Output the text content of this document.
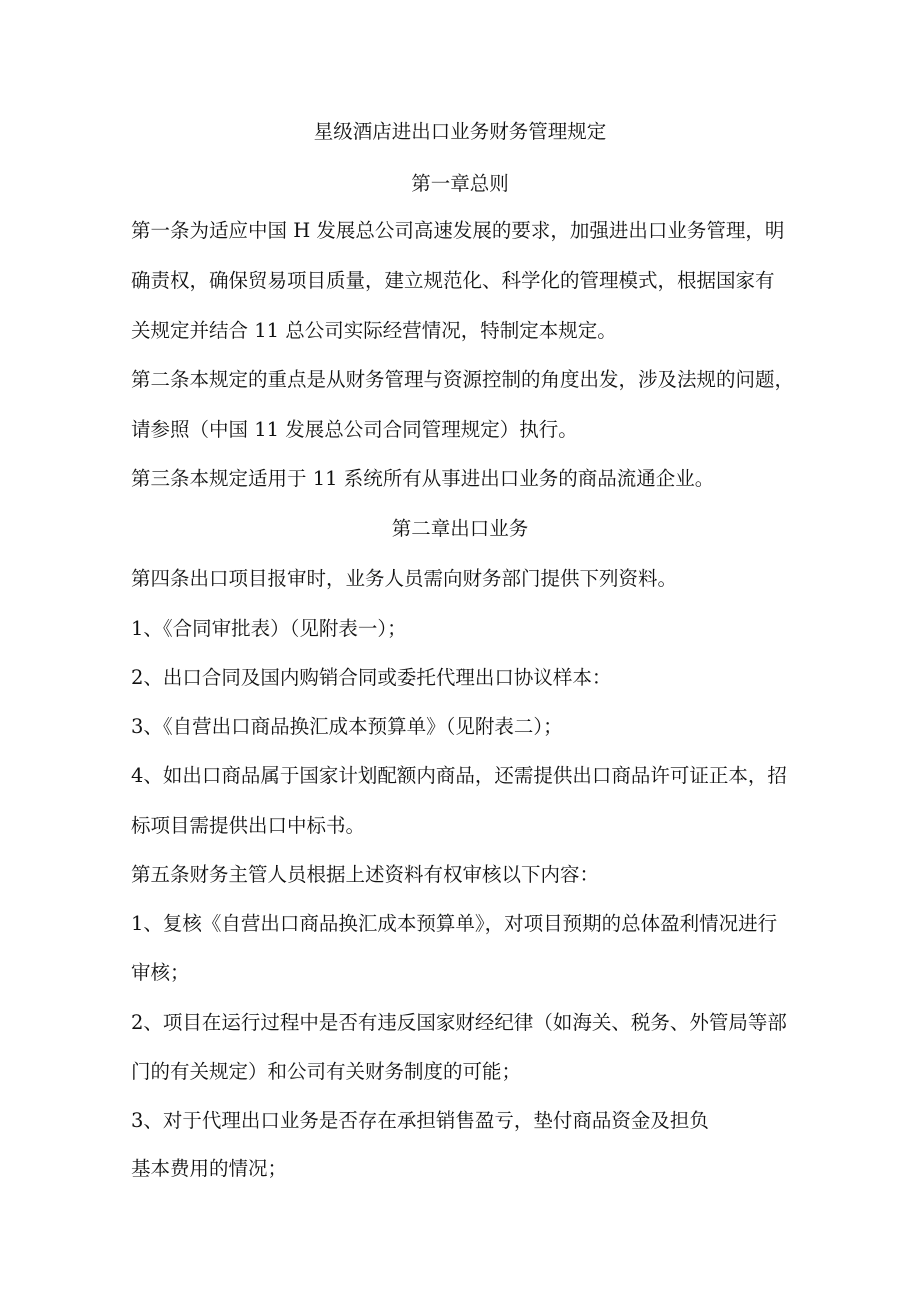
星级酒店进出口业务财务管理规定

第一章总则

第一条为适应中国 H 发展总公司高速发展的要求，加强进出口业务管理，明

确责权，确保贸易项目质量，建立规范化、科学化的管理模式，根据国家有

关规定并结合 11 总公司实际经营情况，特制定本规定。

第二条本规定的重点是从财务管理与资源控制的角度出发，涉及法规的问题，

请参照（中国 11 发展总公司合同管理规定）执行。

第三条本规定适用于 11 系统所有从事进出口业务的商品流通企业。

第二章出口业务

第四条出口项目报审时，业务人员需向财务部门提供下列资料。

1、《合同审批表）（见附表一）；

2、出口合同及国内购销合同或委托代理出口协议样本：

3、《自营出口商品换汇成本预算单》（见附表二）；

4、如出口商品属于国家计划配额内商品，还需提供出口商品许可证正本，招

标项目需提供出口中标书。

第五条财务主管人员根据上述资料有权审核以下内容：

1、复核《自营出口商品换汇成本预算单》，对项目预期的总体盈利情况进行

审核；

2、项目在运行过程中是否有违反国家财经纪律（如海关、税务、外管局等部

门的有关规定）和公司有关财务制度的可能；

3、对于代理出口业务是否存在承担销售盈亏，垫付商品资金及担负

基本费用的情况；
